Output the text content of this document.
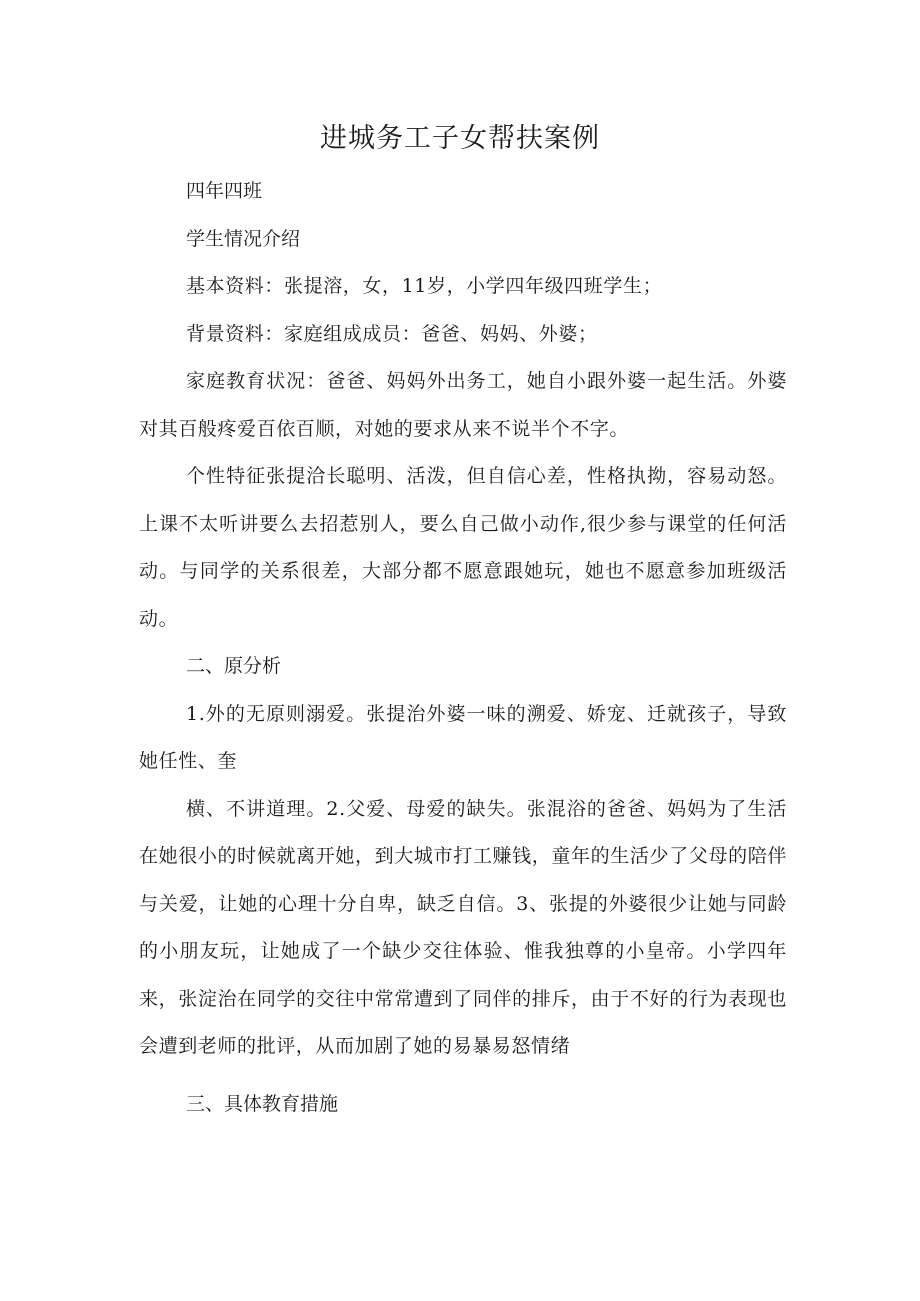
进城务工子女帮扶案例

四年四班

学生情况介绍

基本资料：张提溶，女，11岁，小学四年级四班学生；

背景资料：家庭组成成员：爸爸、妈妈、外婆；

家庭教育状况：爸爸、妈妈外出务工，她自小跟外婆一起生活。外婆对其百般疼爱百依百顺，对她的要求从来不说半个不字。

个性特征张提洽长聪明、活泼，但自信心差，性格执拗，容易动怒。上课不太听讲要么去招惹别人，要么自己做小动作,很少参与课堂的任何活动。与同学的关系很差，大部分都不愿意跟她玩，她也不愿意参加班级活动。

二、原分析

1.外的无原则溺爱。张提治外婆一味的溯爱、娇宠、迁就孩子，导致她任性、奎

横、不讲道理。2.父爱、母爱的缺失。张混浴的爸爸、妈妈为了生活在她很小的时候就离开她，到大城市打工赚钱，童年的生活少了父母的陪伴与关爱，让她的心理十分自卑，缺乏自信。3、张提的外婆很少让她与同龄的小朋友玩，让她成了一个缺少交往体验、惟我独尊的小皇帝。小学四年来，张淀治在同学的交往中常常遭到了同伴的排斥，由于不好的行为表现也会遭到老师的批评，从而加剧了她的易暴易怒情绪

三、具体教育措施
